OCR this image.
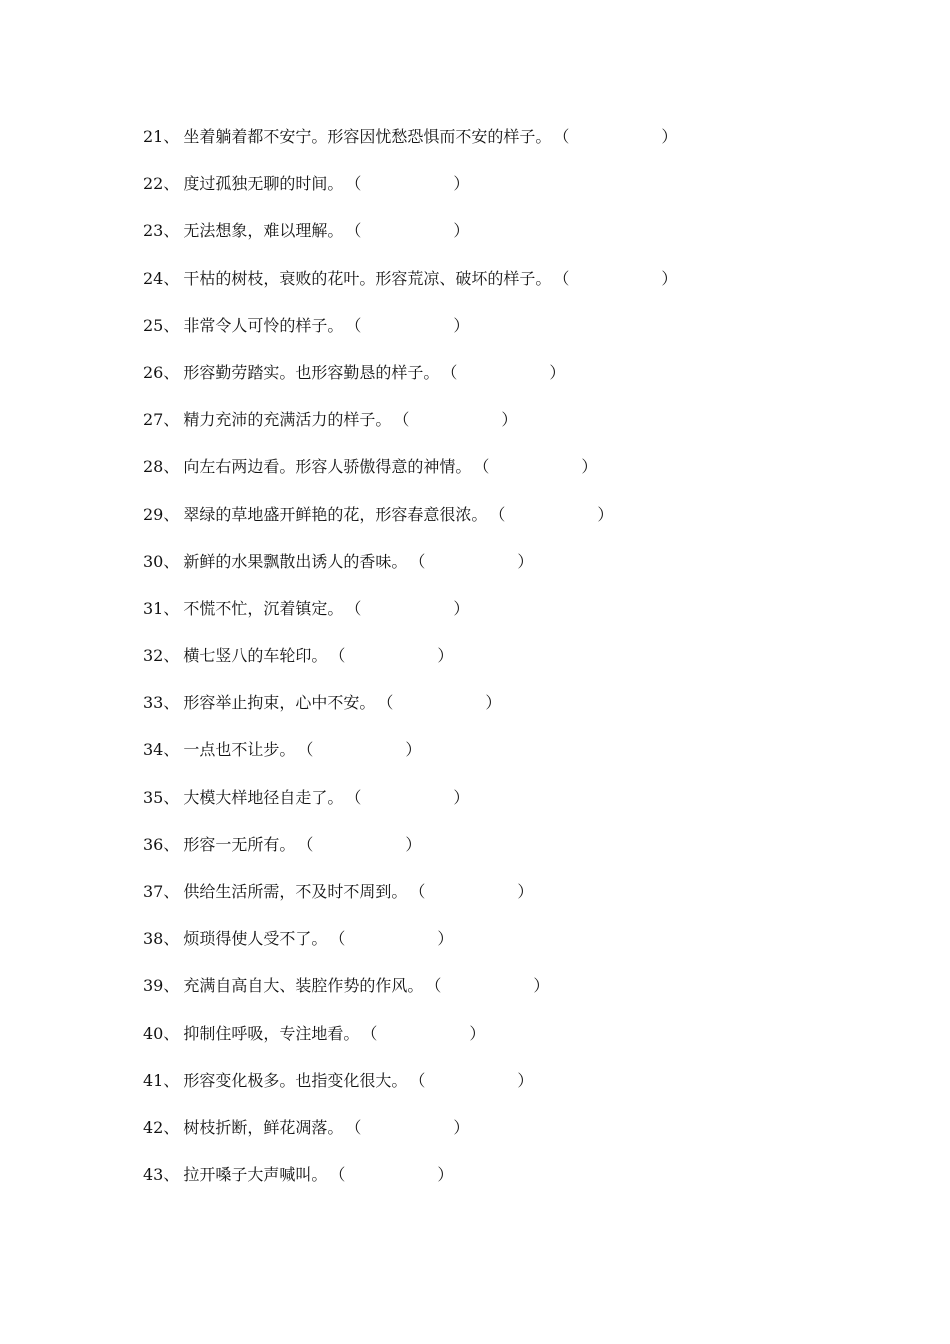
21 、 坐着躺着都不安宁。形容因忧愁恐惧而不安的样子。 （	）
22 、 度过孤独无聊的时间。 （	）
23 、 无法想象，难以理解。 （	）
24 、 干枯的树枝，衰败的花叶。形容荒凉、破坏的样子。 （	）
25 、 非常令人可怜的样子。 （	）
26 、 形容勤劳踏实。也形容勤恳的样子。 （	）
27 、 精力充沛的充满活力的样子。 （	）
28 、 向左右两边看。形容人骄傲得意的神情。 （	）
29 、 翠绿的草地盛开鲜艳的花，形容春意很浓。 （	）
30 、 新鲜的水果飘散出诱人的香味。 （	）
31 、 不慌不忙，沉着镇定。 （	）
32 、 横七竖八的车轮印。 （	）
33 、 形容举止拘束，心中不安。 （	）
34 、 一点也不让步。 （	）
35 、 大模大样地径自走了。 （	）
36 、 形容一无所有。 （	）
37 、 供给生活所需，不及时不周到。 （	）
38 、 烦琐得使人受不了。 （	）
39 、 充满自高自大、装腔作势的作风。 （	）
40 、 抑制住呼吸，专注地看。 （	）
41 、 形容变化极多。也指变化很大。 （	）
42 、 树枝折断，鲜花凋落。 （	）
43 、 拉开嗓子大声喊叫。 （	）
